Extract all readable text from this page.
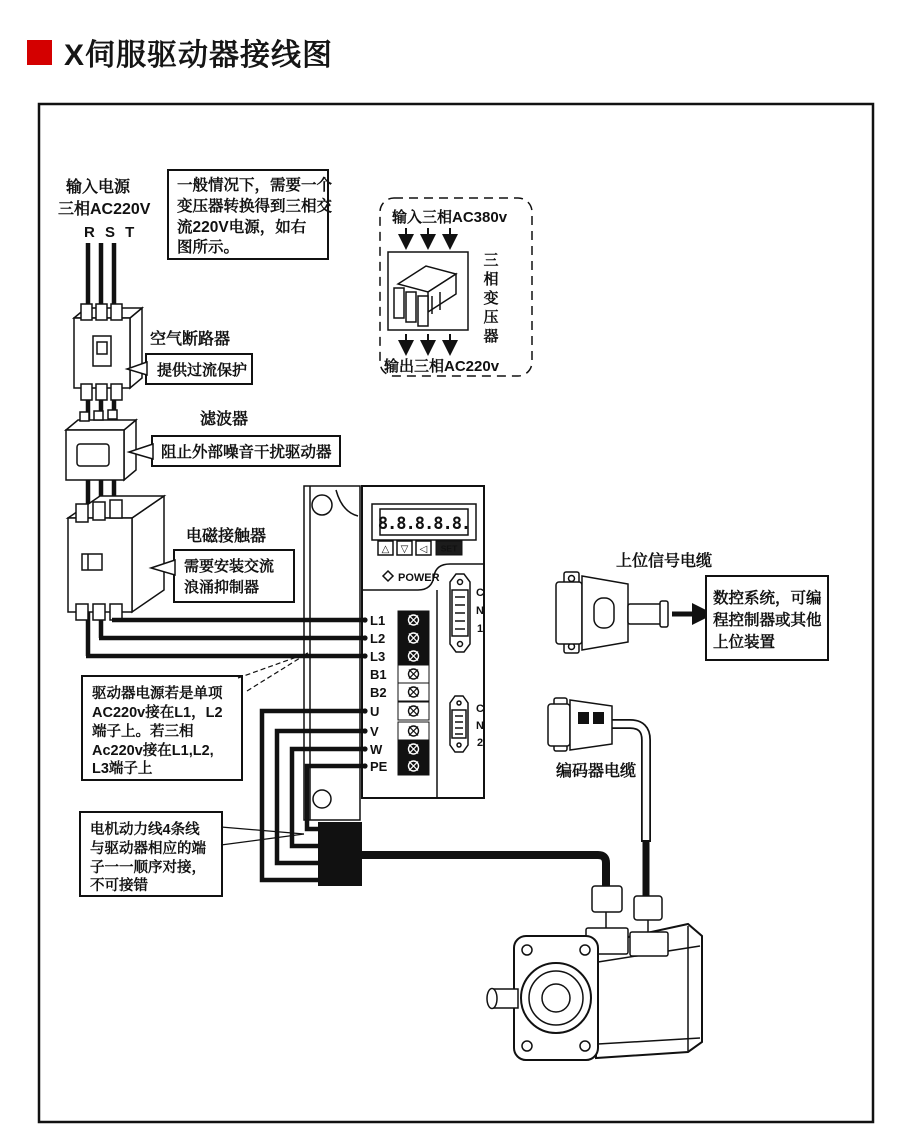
X伺服驱动器接线图
输入电源
三相AC220V
R S T
一般情况下，需要一个
变压器转换得到三相交
流220V电源，如右
图所示。
输入三相AC380v
三相变压器
输出三相AC220v
空气断路器
提供过流保护
滤波器
阻止外部噪音干扰驱动器
电磁接触器
需要安装交流
浪涌抑制器
8.8.8.8.8.
△ ▽ ◁ SET
POWER
L1
L2
L3
B1
B2
U
V
W
PE
C
N
1
C
N
2
驱动器电源若是单项
AC220v接在L1，L2
端子上。若三相
Ac220v接在L1,L2,
L3端子上
电机动力线4条线
与驱动器相应的端
子一一顺序对接，
不可接错
上位信号电缆
数控系统，可编
程控制器或其他
上位装置
编码器电缆
